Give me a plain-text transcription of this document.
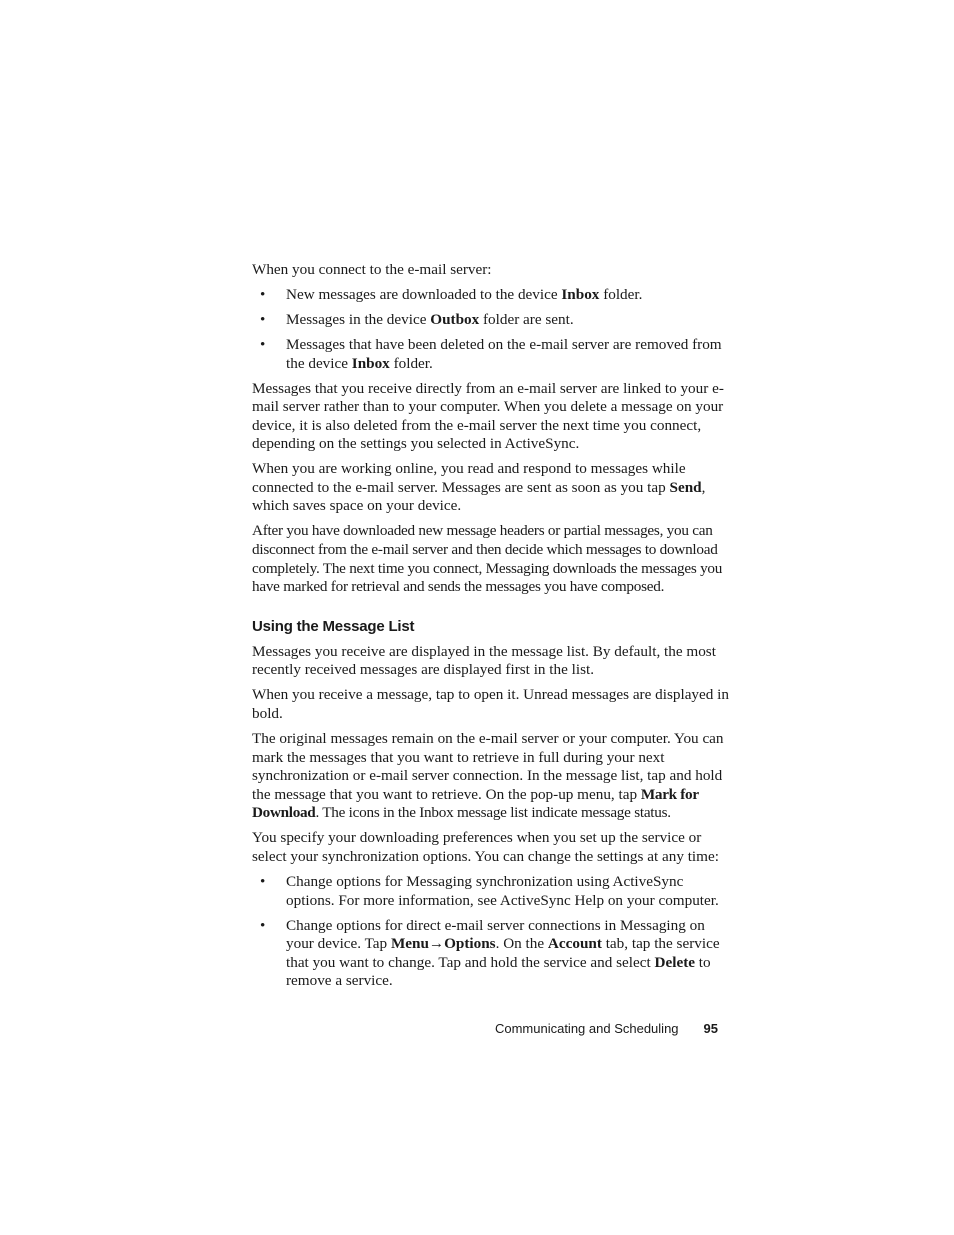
When you connect to the e-mail server:

• New messages are downloaded to the device Inbox folder.
• Messages in the device Outbox folder are sent.
• Messages that have been deleted on the e-mail server are removed from the device Inbox folder.

Messages that you receive directly from an e-mail server are linked to your e-mail server rather than to your computer. When you delete a message on your device, it is also deleted from the e-mail server the next time you connect, depending on the settings you selected in ActiveSync.

When you are working online, you read and respond to messages while connected to the e-mail server. Messages are sent as soon as you tap Send, which saves space on your device.

After you have downloaded new message headers or partial messages, you can disconnect from the e-mail server and then decide which messages to download completely. The next time you connect, Messaging downloads the messages you have marked for retrieval and sends the messages you have composed.

Using the Message List

Messages you receive are displayed in the message list. By default, the most recently received messages are displayed first in the list.

When you receive a message, tap to open it. Unread messages are displayed in bold.

The original messages remain on the e-mail server or your computer. You can mark the messages that you want to retrieve in full during your next synchronization or e-mail server connection. In the message list, tap and hold the message that you want to retrieve. On the pop-up menu, tap Mark for Download. The icons in the Inbox message list indicate message status.

You specify your downloading preferences when you set up the service or select your synchronization options. You can change the settings at any time:

• Change options for Messaging synchronization using ActiveSync options. For more information, see ActiveSync Help on your computer.
• Change options for direct e-mail server connections in Messaging on your device. Tap Menu→Options. On the Account tab, tap the service that you want to change. Tap and hold the service and select Delete to remove a service.
Communicating and Scheduling 95
